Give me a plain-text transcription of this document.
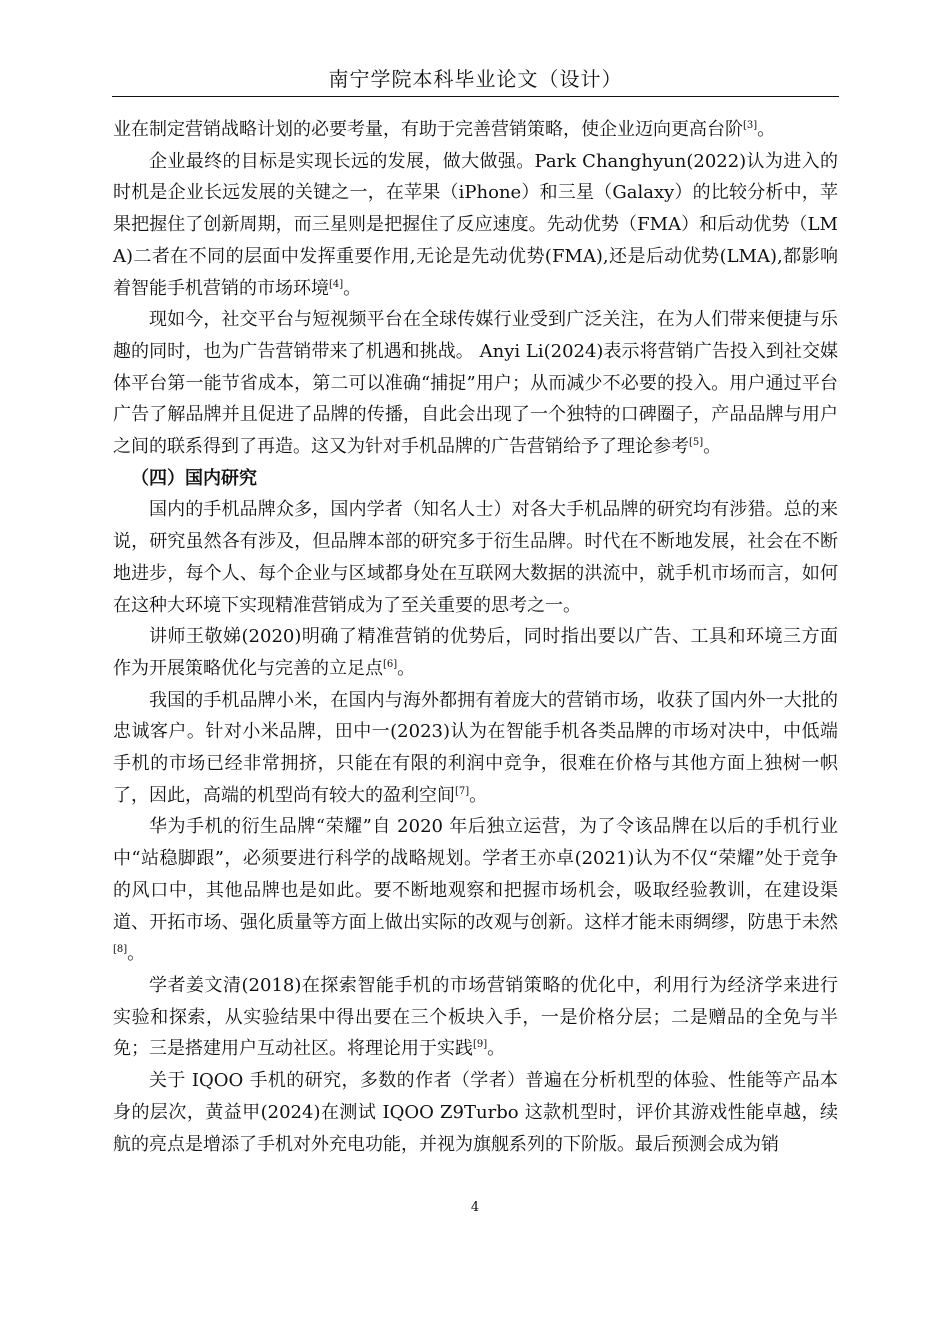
南宁学院本科毕业论文（设计）

业在制定营销战略计划的必要考量，有助于完善营销策略，使企业迈向更高台阶[3]。

企业最终的目标是实现长远的发展，做大做强。Park Changhyun(2022)认为进入的时机是企业长远发展的关键之一，在苹果（iPhone）和三星（Galaxy）的比较分析中，苹果把握住了创新周期，而三星则是把握住了反应速度。先动优势（FMA）和后动优势（LMA)二者在不同的层面中发挥重要作用,无论是先动优势(FMA),还是后动优势(LMA),都影响着智能手机营销的市场环境[4]。

现如今，社交平台与短视频平台在全球传媒行业受到广泛关注，在为人们带来便捷与乐趣的同时，也为广告营销带来了机遇和挑战。 Anyi Li(2024)表示将营销广告投入到社交媒体平台第一能节省成本，第二可以准确“捕捉”用户；从而减少不必要的投入。用户通过平台广告了解品牌并且促进了品牌的传播，自此会出现了一个独特的口碑圈子，产品品牌与用户之间的联系得到了再造。这又为针对手机品牌的广告营销给予了理论参考[5]。

（四）国内研究

国内的手机品牌众多，国内学者（知名人士）对各大手机品牌的研究均有涉猎。总的来说，研究虽然各有涉及，但品牌本部的研究多于衍生品牌。时代在不断地发展，社会在不断地进步，每个人、每个企业与区域都身处在互联网大数据的洪流中，就手机市场而言，如何在这种大环境下实现精准营销成为了至关重要的思考之一。

讲师王敬娣(2020)明确了精准营销的优势后，同时指出要以广告、工具和环境三方面作为开展策略优化与完善的立足点[6]。

我国的手机品牌小米，在国内与海外都拥有着庞大的营销市场，收获了国内外一大批的忠诚客户。针对小米品牌，田中一(2023)认为在智能手机各类品牌的市场对决中，中低端手机的市场已经非常拥挤，只能在有限的利润中竞争，很难在价格与其他方面上独树一帜了，因此，高端的机型尚有较大的盈利空间[7]。

华为手机的衍生品牌“荣耀”自 2020 年后独立运营，为了令该品牌在以后的手机行业中“站稳脚跟”，必须要进行科学的战略规划。学者王亦卓(2021)认为不仅“荣耀”处于竞争的风口中，其他品牌也是如此。要不断地观察和把握市场机会，吸取经验教训，在建设渠道、开拓市场、强化质量等方面上做出实际的改观与创新。这样才能未雨绸缪，防患于未然[8]。

学者姜文清(2018)在探索智能手机的市场营销策略的优化中，利用行为经济学来进行实验和探索，从实验结果中得出要在三个板块入手，一是价格分层；二是赠品的全免与半免；三是搭建用户互动社区。将理论用于实践[9]。

关于 IQOO 手机的研究，多数的作者（学者）普遍在分析机型的体验、性能等产品本身的层次，黄益甲(2024)在测试 IQOO Z9Turbo 这款机型时，评价其游戏性能卓越，续航的亮点是增添了手机对外充电功能，并视为旗舰系列的下阶版。最后预测会成为销

4
